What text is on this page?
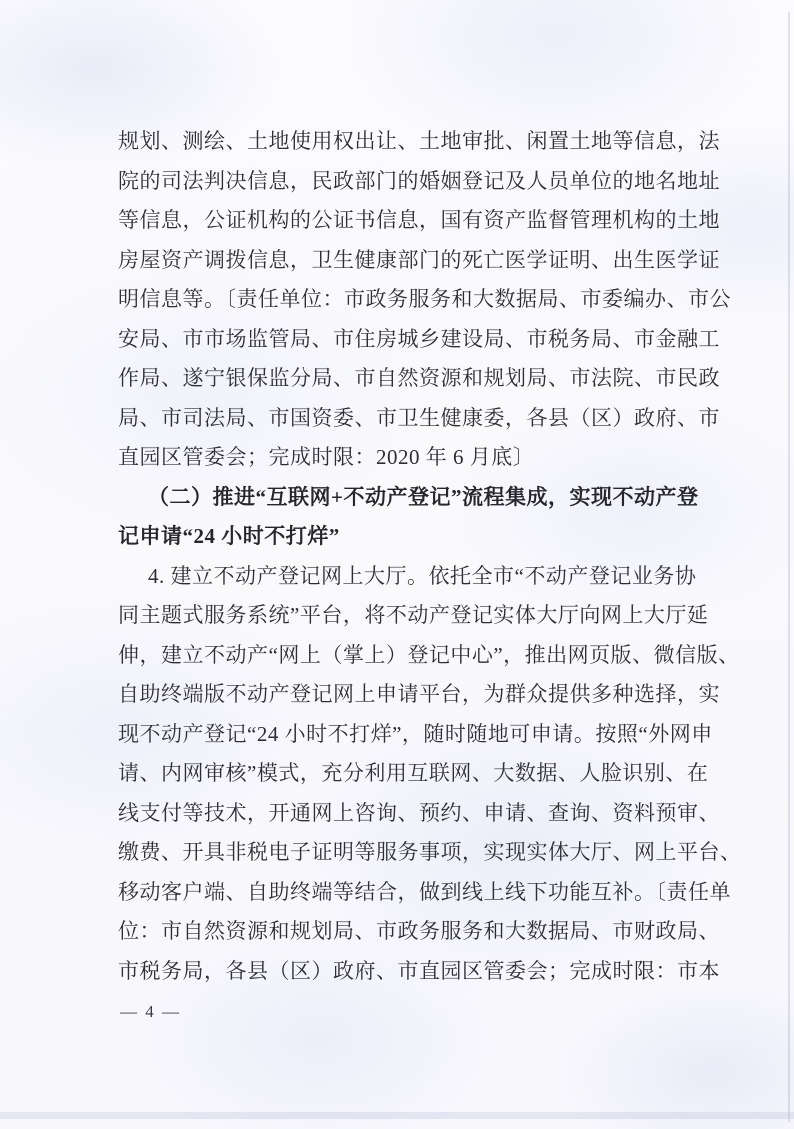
规划、测绘、土地使用权出让、土地审批、闲置土地等信息，法
院的司法判决信息，民政部门的婚姻登记及人员单位的地名地址
等信息，公证机构的公证书信息，国有资产监督管理机构的土地
房屋资产调拨信息，卫生健康部门的死亡医学证明、出生医学证
明信息等。〔责任单位：市政务服务和大数据局、市委编办、市公
安局、市市场监管局、市住房城乡建设局、市税务局、市金融工
作局、遂宁银保监分局、市自然资源和规划局、市法院、市民政
局、市司法局、市国资委、市卫生健康委，各县（区）政府、市
直园区管委会；完成时限：2020 年 6 月底〕
（二）推进“互联网+不动产登记”流程集成，实现不动产登
记申请“24 小时不打烊”
4. 建立不动产登记网上大厅。依托全市“不动产登记业务协
同主题式服务系统”平台，将不动产登记实体大厅向网上大厅延
伸，建立不动产“网上（掌上）登记中心”，推出网页版、微信版、
自助终端版不动产登记网上申请平台，为群众提供多种选择，实
现不动产登记“24 小时不打烊”，随时随地可申请。按照“外网申
请、内网审核”模式，充分利用互联网、大数据、人脸识别、在
线支付等技术，开通网上咨询、预约、申请、查询、资料预审、
缴费、开具非税电子证明等服务事项，实现实体大厅、网上平台、
移动客户端、自助终端等结合，做到线上线下功能互补。〔责任单
位：市自然资源和规划局、市政务服务和大数据局、市财政局、
市税务局，各县（区）政府、市直园区管委会；完成时限：市本
— 4 —
